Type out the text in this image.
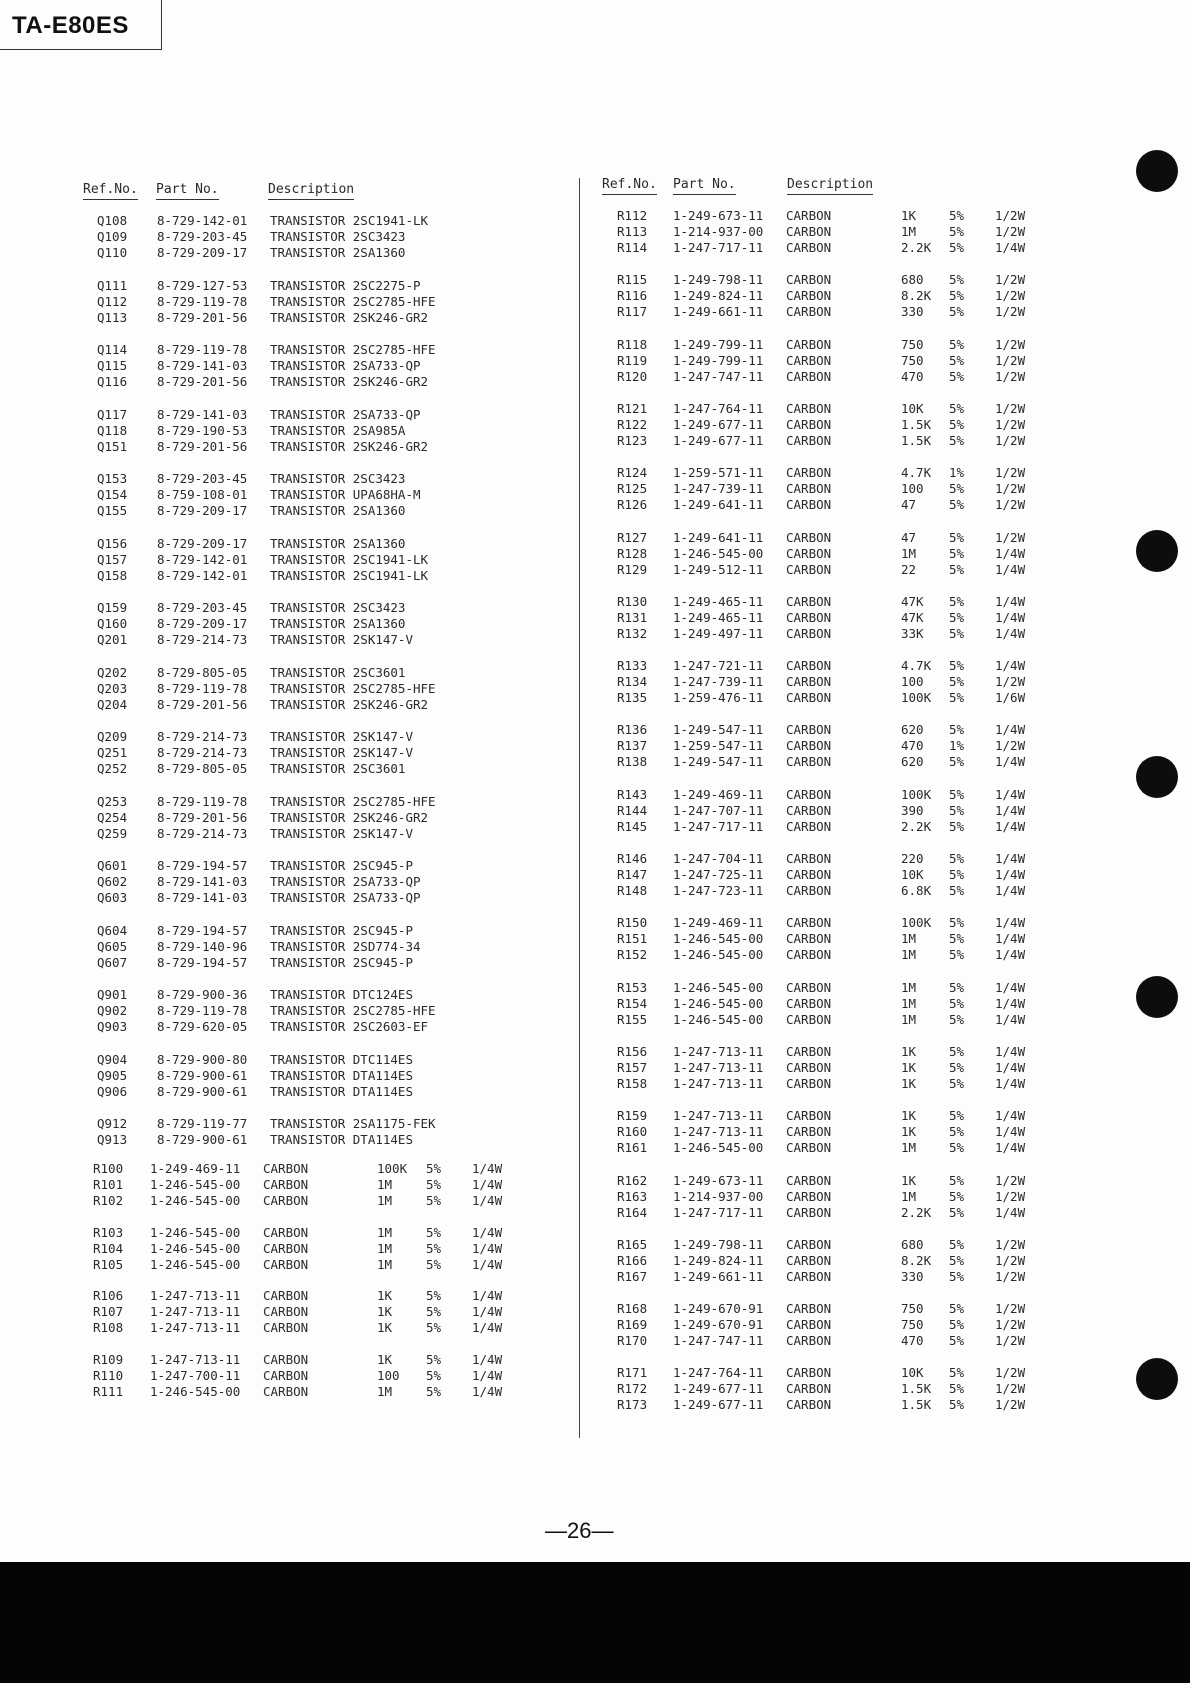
TA-E80ES
Ref.No. Part No.	Description
Q108 8-729-142-01 TRANSISTOR 2SC1941-LK
Q109 8-729-203-45 TRANSISTOR 2SC3423
Q110 8-729-209-17 TRANSISTOR 2SA1360
Q111 8-729-127-53 TRANSISTOR 2SC2275-P
Q112 8-729-119-78 TRANSISTOR 2SC2785-HFE
Q113 8-729-201-56 TRANSISTOR 2SK246-GR2
Q114 8-729-119-78 TRANSISTOR 2SC2785-HFE
Q115 8-729-141-03 TRANSISTOR 2SA733-QP
Q116 8-729-201-56 TRANSISTOR 2SK246-GR2
Q117 8-729-141-03 TRANSISTOR 2SA733-QP
Q118 8-729-190-53 TRANSISTOR 2SA985A
Q151 8-729-201-56 TRANSISTOR 2SK246-GR2
Q153 8-729-203-45 TRANSISTOR 2SC3423
Q154 8-759-108-01 TRANSISTOR UPA68HA-M
Q155 8-729-209-17 TRANSISTOR 2SA1360
Q156 8-729-209-17 TRANSISTOR 2SA1360
Q157 8-729-142-01 TRANSISTOR 2SC1941-LK
Q158 8-729-142-01 TRANSISTOR 2SC1941-LK
Q159 8-729-203-45 TRANSISTOR 2SC3423
Q160 8-729-209-17 TRANSISTOR 2SA1360
Q201 8-729-214-73 TRANSISTOR 2SK147-V
Q202 8-729-805-05 TRANSISTOR 2SC3601
Q203 8-729-119-78 TRANSISTOR 2SC2785-HFE
Q204 8-729-201-56 TRANSISTOR 2SK246-GR2
Q209 8-729-214-73 TRANSISTOR 2SK147-V
Q251 8-729-214-73 TRANSISTOR 2SK147-V
Q252 8-729-805-05 TRANSISTOR 2SC3601
Q253 8-729-119-78 TRANSISTOR 2SC2785-HFE
Q254 8-729-201-56 TRANSISTOR 2SK246-GR2
Q259 8-729-214-73 TRANSISTOR 2SK147-V
Q601 8-729-194-57 TRANSISTOR 2SC945-P
Q602 8-729-141-03 TRANSISTOR 2SA733-QP
Q603 8-729-141-03 TRANSISTOR 2SA733-QP
Q604 8-729-194-57 TRANSISTOR 2SC945-P
Q605 8-729-140-96 TRANSISTOR 2SD774-34
Q607 8-729-194-57 TRANSISTOR 2SC945-P
Q901 8-729-900-36 TRANSISTOR DTC124ES
Q902 8-729-119-78 TRANSISTOR 2SC2785-HFE
Q903 8-729-620-05 TRANSISTOR 2SC2603-EF
Q904 8-729-900-80 TRANSISTOR DTC114ES
Q905 8-729-900-61 TRANSISTOR DTA114ES
Q906 8-729-900-61 TRANSISTOR DTA114ES
Q912 8-729-119-77 TRANSISTOR 2SA1175-FEK
Q913 8-729-900-61 TRANSISTOR DTA114ES
R100 1-249-469-11 CARBON	100K 5% 1/4W
R101 1-246-545-00 CARBON	1M	5% 1/4W
R102 1-246-545-00 CARBON	1M	5% 1/4W
R103 1-246-545-00 CARBON	1M	5% 1/4W
R104 1-246-545-00 CARBON	1M	5% 1/4W
R105 1-246-545-00 CARBON	1M	5% 1/4W
R106 1-247-713-11 CARBON	1K	5% 1/4W
R107 1-247-713-11 CARBON	1K	5% 1/4W
R108 1-247-713-11 CARBON	1K	5% 1/4W
R109 1-247-713-11 CARBON	1K	5% 1/4W
R110 1-247-700-11 CARBON	100 5% 1/4W
R111 1-246-545-00 CARBON	1M	5% 1/4W
Ref.No. Part No.	Description
R112 1-249-673-11 CARBON	1K	5% 1/2W
R113 1-214-937-00 CARBON	1M	5% 1/2W
R114 1-247-717-11 CARBON	2.2K 5% 1/4W
R115 1-249-798-11 CARBON	680 5% 1/2W
R116 1-249-824-11 CARBON	8.2K 5% 1/2W
R117 1-249-661-11 CARBON	330 5% 1/2W
R118 1-249-799-11 CARBON	750 5% 1/2W
R119 1-249-799-11 CARBON	750 5% 1/2W
R120 1-247-747-11 CARBON	470 5% 1/2W
R121 1-247-764-11 CARBON	10K 5% 1/2W
R122 1-249-677-11 CARBON	1.5K 5% 1/2W
R123 1-249-677-11 CARBON	1.5K 5% 1/2W
R124 1-259-571-11 CARBON	4.7K 1% 1/2W
R125 1-247-739-11 CARBON	100 5% 1/2W
R126 1-249-641-11 CARBON	47	5% 1/2W
R127 1-249-641-11 CARBON	47	5% 1/2W
R128 1-246-545-00 CARBON	1M	5% 1/4W
R129 1-249-512-11 CARBON	22	5% 1/4W
R130 1-249-465-11 CARBON	47K 5% 1/4W
R131 1-249-465-11 CARBON	47K 5% 1/4W
R132 1-249-497-11 CARBON	33K 5% 1/4W
R133 1-247-721-11 CARBON	4.7K 5% 1/4W
R134 1-247-739-11 CARBON	100 5% 1/2W
R135 1-259-476-11 CARBON	100K 5% 1/6W
R136 1-249-547-11 CARBON	620 5% 1/4W
R137 1-259-547-11 CARBON	470 1% 1/2W
R138 1-249-547-11 CARBON	620 5% 1/4W
R143 1-249-469-11 CARBON	100K 5% 1/4W
R144 1-247-707-11 CARBON	390 5% 1/4W
R145 1-247-717-11 CARBON	2.2K 5% 1/4W
R146 1-247-704-11 CARBON	220 5% 1/4W
R147 1-247-725-11 CARBON	10K 5% 1/4W
R148 1-247-723-11 CARBON	6.8K 5% 1/4W
R150 1-249-469-11 CARBON	100K 5% 1/4W
R151 1-246-545-00 CARBON	1M	5% 1/4W
R152 1-246-545-00 CARBON	1M	5% 1/4W
R153 1-246-545-00 CARBON	1M	5% 1/4W
R154 1-246-545-00 CARBON	1M	5% 1/4W
R155 1-246-545-00 CARBON	1M	5% 1/4W
R156 1-247-713-11 CARBON	1K	5% 1/4W
R157 1-247-713-11 CARBON	1K	5% 1/4W
R158 1-247-713-11 CARBON	1K	5% 1/4W
R159 1-247-713-11 CARBON	1K	5% 1/4W
R160 1-247-713-11 CARBON	1K	5% 1/4W
R161 1-246-545-00 CARBON	1M	5% 1/4W
R162 1-249-673-11 CARBON	1K	5% 1/2W
R163 1-214-937-00 CARBON	1M	5% 1/2W
R164 1-247-717-11 CARBON	2.2K 5% 1/4W
R165 1-249-798-11 CARBON	680 5% 1/2W
R166 1-249-824-11 CARBON	8.2K 5% 1/2W
R167 1-249-661-11 CARBON	330 5% 1/2W
R168 1-249-670-91 CARBON	750 5% 1/2W
R169 1-249-670-91 CARBON	750 5% 1/2W
R170 1-247-747-11 CARBON	470 5% 1/2W
R171 1-247-764-11 CARBON	10K 5% 1/2W
R172 1-249-677-11 CARBON	1.5K 5% 1/2W
R173 1-249-677-11 CARBON	1.5K 5% 1/2W
—26—
